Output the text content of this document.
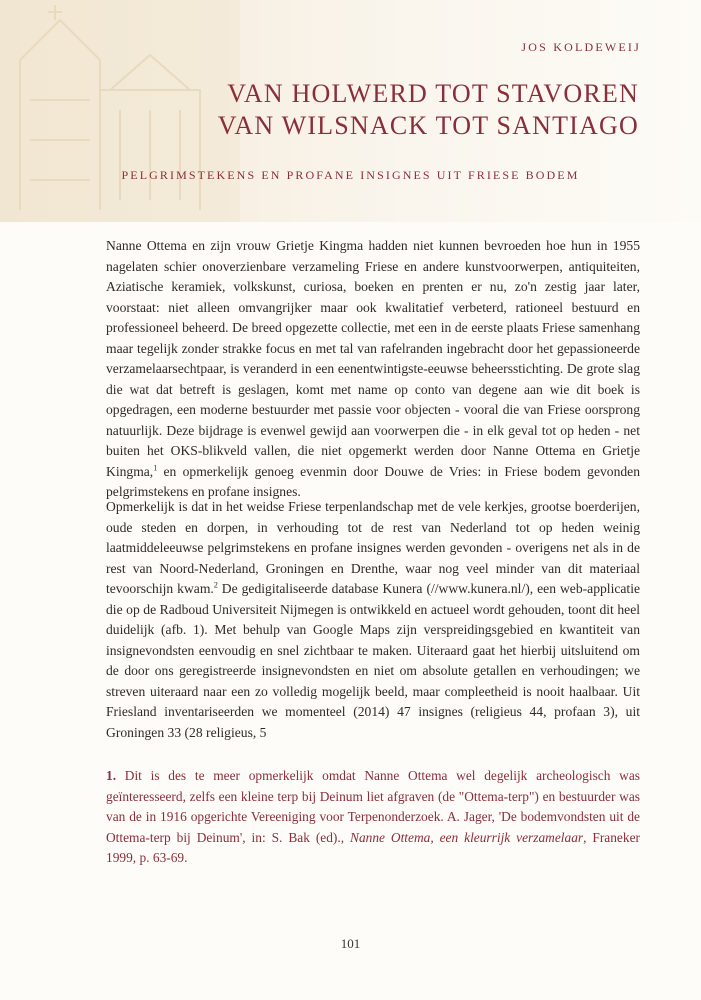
JOS KOLDEWEIJ
VAN HOLWERD TOT STAVOREN
VAN WILSNACK TOT SANTIAGO
PELGRIMSTEKENS EN PROFANE INSIGNES UIT FRIESE BODEM

Nanne Ottema en zijn vrouw Grietje Kingma hadden niet kunnen bevroeden hoe hun in 1955 nagelaten schier onoverzienbare verzameling Friese en andere kunstvoorwerpen, antiquiteiten, Aziatische keramiek, volkskunst, curiosa, boeken en prenten er nu, zo'n zestig jaar later, voorstaat: niet alleen omvangrijker maar ook kwalitatief verbeterd, rationeel bestuurd en professioneel beheerd. De breed opgezette collectie, met een in de eerste plaats Friese samenhang maar tegelijk zonder strakke focus en met tal van rafelranden ingebracht door het gepassioneerde verzamelaarsechtpaar, is veranderd in een eenentwintigste-eeuwse beheersstichting. De grote slag die wat dat betreft is geslagen, komt met name op conto van degene aan wie dit boek is opgedragen, een moderne bestuurder met passie voor objecten - vooral die van Friese oorsprong natuurlijk. Deze bijdrage is evenwel gewijd aan voorwerpen die - in elk geval tot op heden - net buiten het OKS-blikveld vallen, die niet opgemerkt werden door Nanne Ottema en Grietje Kingma,$^1$ en opmerkelijk genoeg evenmin door Douwe de Vries: in Friese bodem gevonden pelgrimstekens en profane insignes.

Opmerkelijk is dat in het weidse Friese terpenlandschap met de vele kerkjes, grootse boerderijen, oude steden en dorpen, in verhouding tot de rest van Nederland tot op heden weinig laatmiddeleeuwse pelgrimstekens en profane insignes werden gevonden - overigens net als in de rest van Noord-Nederland, Groningen en Drenthe, waar nog veel minder van dit materiaal tevoorschijn kwam.$^2$ De gedigitaliseerde database Kunera (//www.kunera.nl/), een web-applicatie die op de Radboud Universiteit Nijmegen is ontwikkeld en actueel wordt gehouden, toont dit heel duidelijk (afb. 1). Met behulp van Google Maps zijn verspreidingsgebied en kwantiteit van insignevondsten eenvoudig en snel zichtbaar te maken. Uiteraard gaat het hierbij uitsluitend om de door ons geregistreerde insignevondsten en niet om absolute getallen en verhoudingen; we streven uiteraard naar een zo volledig mogelijk beeld, maar compleetheid is nooit haalbaar. Uit Friesland inventariseerden we momenteel (2014) 47 insignes (religieus 44, profaan 3), uit Groningen 33 (28 religieus, 5

1. Dit is des te meer opmerkelijk omdat Nanne Ottema wel degelijk archeologisch was geïnteresseerd, zelfs een kleine terp bij Deinum liet afgraven (de "Ottema-terp") en bestuurder was van de in 1916 opgerichte Vereeniging voor Terpenonderzoek. A. Jager, 'De bodemvondsten uit de Ottema-terp bij Deinum', in: S. Bak (ed)., Nanne Ottema, een kleurrijk verzamelaar, Franeker 1999, p. 63-69.

101
